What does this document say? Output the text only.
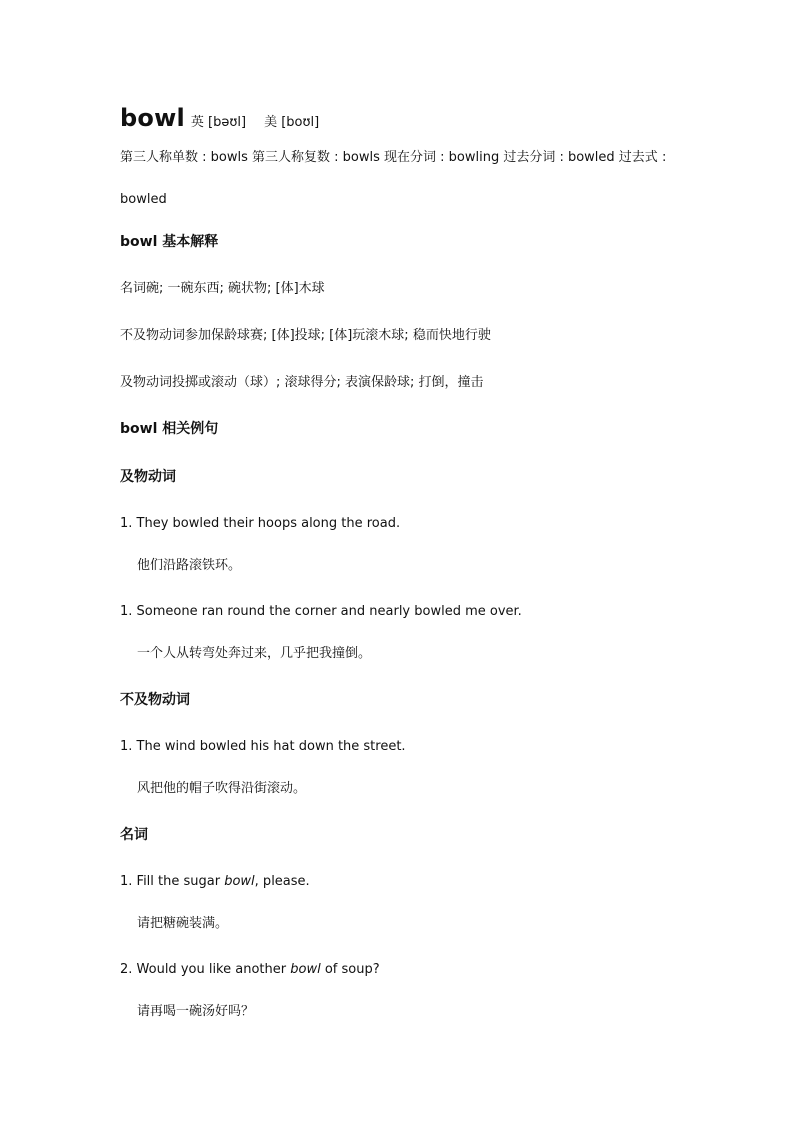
bowl 英 [bəʊl] 美 [boʊl]
第三人称单数 : bowls 第三人称复数 : bowls 现在分词 : bowling 过去分词 : bowled 过去式 :
bowled
bowl 基本解释
名词碗; 一碗东西; 碗状物; [体]木球
不及物动词参加保龄球赛; [体]投球; [体]玩滚木球; 稳而快地行驶
及物动词投掷或滚动（球）; 滚球得分; 表演保龄球; 打倒，撞击
bowl 相关例句
及物动词
1. They bowled their hoops along the road.
他们沿路滚铁环。
1. Someone ran round the corner and nearly bowled me over.
一个人从转弯处奔过来，几乎把我撞倒。
不及物动词
1. The wind bowled his hat down the street.
风把他的帽子吹得沿街滚动。
名词
1. Fill the sugar bowl, please.
请把糖碗装满。
2. Would you like another bowl of soup?
请再喝一碗汤好吗？
